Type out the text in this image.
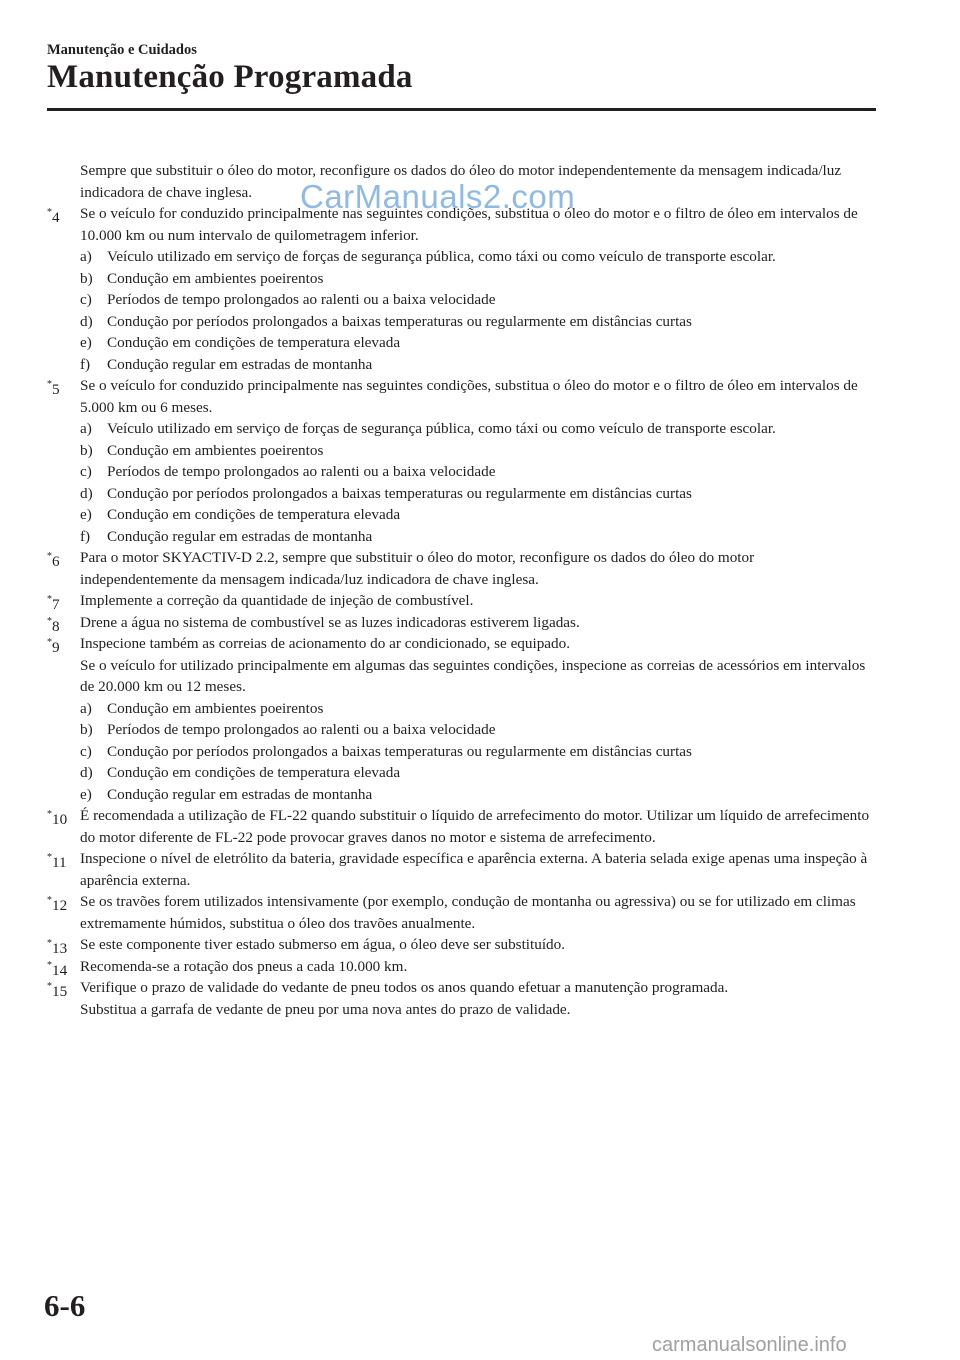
Manutenção e Cuidados
Manutenção Programada

Sempre que substituir o óleo do motor, reconfigure os dados do óleo do motor independentemente da mensagem indicada/luz indicadora de chave inglesa.

*4 Se o veículo for conduzido principalmente nas seguintes condições, substitua o óleo do motor e o filtro de óleo em intervalos de 10.000 km ou num intervalo de quilometragem inferior.

a) Veículo utilizado em serviço de forças de segurança pública, como táxi ou como veículo de transporte escolar.
b) Condução em ambientes poeirentos
c) Períodos de tempo prolongados ao ralenti ou a baixa velocidade
d) Condução por períodos prolongados a baixas temperaturas ou regularmente em distâncias curtas
e) Condução em condições de temperatura elevada
f) Condução regular em estradas de montanha
*5 Se o veículo for conduzido principalmente nas seguintes condições, substitua o óleo do motor e o filtro de óleo em intervalos de 5.000 km ou 6 meses.

a) Veículo utilizado em serviço de forças de segurança pública, como táxi ou como veículo de transporte escolar.
b) Condução em ambientes poeirentos
c) Períodos de tempo prolongados ao ralenti ou a baixa velocidade
d) Condução por períodos prolongados a baixas temperaturas ou regularmente em distâncias curtas
e) Condução em condições de temperatura elevada
f) Condução regular em estradas de montanha
*6 Para o motor SKYACTIV-D 2.2, sempre que substituir o óleo do motor, reconfigure os dados do óleo do motor independentemente da mensagem indicada/luz indicadora de chave inglesa.

*7 Implemente a correção da quantidade de injeção de combustível.

*8 Drene a água no sistema de combustível se as luzes indicadoras estiverem ligadas.

*9 Inspecione também as correias de acionamento do ar condicionado, se equipado.

Se o veículo for utilizado principalmente em algumas das seguintes condições, inspecione as correias de acessórios em intervalos de 20.000 km ou 12 meses.

a) Condução em ambientes poeirentos
b) Períodos de tempo prolongados ao ralenti ou a baixa velocidade
c) Condução por períodos prolongados a baixas temperaturas ou regularmente em distâncias curtas
d) Condução em condições de temperatura elevada
e) Condução regular em estradas de montanha
*10 É recomendada a utilização de FL-22 quando substituir o líquido de arrefecimento do motor. Utilizar um líquido de arrefecimento do motor diferente de FL-22 pode provocar graves danos no motor e sistema de arrefecimento.

*11 Inspecione o nível de eletrólito da bateria, gravidade específica e aparência externa. A bateria selada exige apenas uma inspeção à aparência externa.

*12 Se os travões forem utilizados intensivamente (por exemplo, condução de montanha ou agressiva) ou se for utilizado em climas extremamente húmidos, substitua o óleo dos travões anualmente.

*13 Se este componente tiver estado submerso em água, o óleo deve ser substituído.

*14 Recomenda-se a rotação dos pneus a cada 10.000 km.

*15 Verifique o prazo de validade do vedante de pneu todos os anos quando efetuar a manutenção programada.

Substitua a garrafa de vedante de pneu por uma nova antes do prazo de validade.

CarManuals2.com
6-6
carmanualsonline.info
